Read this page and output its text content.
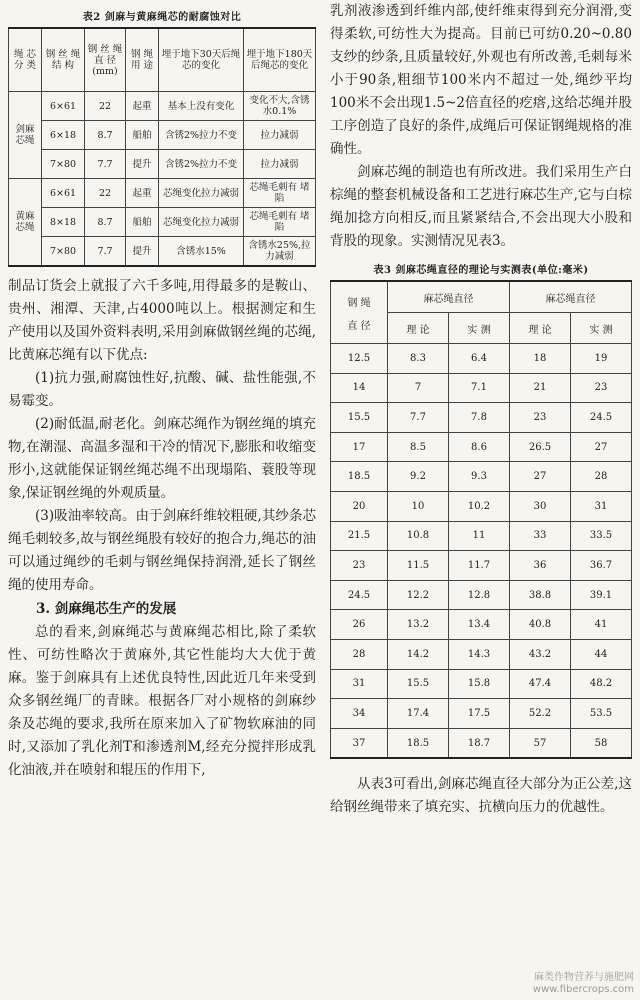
表2 剑麻与黄麻绳芯的耐腐蚀对比
绳 芯 分 类	钢 丝 绳 结 构	钢 丝 绳 直 径 (mm)	钢 绳 用 途	埋于地下30天后绳芯的变化	埋于地下180天后绳芯的变化
剑麻芯绳	6×61	22	起重	基本上没有变化	变化不大,含锈水0.1%
	6×18	8.7	船舶	含锈2%拉力不变	拉力减弱
	7×80	7.7	提升	含锈2%拉力不变	拉力减弱
黄麻芯绳	6×61	22	起重	芯绳变化拉力减弱	芯绳毛刺有 堵 陷
	8×18	8.7	船舶	芯绳变化拉力减弱	芯绳毛刺有 堵 陷
	7×80	7.7	提升	含锈水15%	含锈水25%,拉力减弱

制品订货会上就报了六千多吨,用得最多的是鞍山、贵州、湘潭、天津,占4000吨以上。根据测定和生产使用以及国外资料表明,采用剑麻做钢丝绳的芯绳,比黄麻芯绳有以下优点:

(1)抗力强,耐腐蚀性好,抗酸、碱、盐性能强,不易霉变。

(2)耐低温,耐老化。剑麻芯绳作为钢丝绳的填充物,在潮湿、高温多湿和干冷的情况下,膨胀和收缩变形小,这就能保证钢丝绳芯绳不出现塌陷、蓑股等现象,保证钢丝绳的外观质量。

(3)吸油率较高。由于剑麻纤维较粗硬,其纱条芯绳毛刺较多,故与钢丝绳股有较好的抱合力,绳芯的油可以通过绳纱的毛刺与钢丝绳保持润滑,延长了钢丝绳的使用寿命。

3. 剑麻绳芯生产的发展

总的看来,剑麻绳芯与黄麻绳芯相比,除了柔软性、可纺性略次于黄麻外,其它性能均大大优于黄麻。鉴于剑麻具有上述优良特性,因此近几年来受到众多钢丝绳厂的青睐。根据各厂对小规格的剑麻纱条及芯绳的要求,我所在原来加入了矿物软麻油的同时,又添加了乳化剂T和渗透剂M,经充分搅拌形成乳化油液,并在喷射和辊压的作用下,

乳剂液渗透到纤维内部,使纤维束得到充分润滑,变得柔软,可纺性大为提高。目前已可纺0.20~0.80支纱的纱条,且质量较好,外观也有所改善,毛刺每米小于90条,粗细节100米内不超过一处,绳纱平均100米不会出现1.5~2倍直径的疙瘩,这给芯绳并股工序创造了良好的条件,成绳后可保证钢绳规格的准确性。

剑麻芯绳的制造也有所改进。我们采用生产白棕绳的整套机械设备和工艺进行麻芯生产,它与白棕绳加捻方向相反,而且紧紧结合,不会出现大小股和背股的现象。实测情况见表3。

表3 剑麻芯绳直径的理论与实测表(单位:毫米)
钢 绳
直 径	麻芯绳直径		麻芯绳直径	
	理 论	实 测	理 论	实 测
12.5	8.3	6.4	18	19
14	7	7.1	21	23
15.5	7.7	7.8	23	24.5
17	8.5	8.6	26.5	27
18.5	9.2	9.3	27	28
20	10	10.2	30	31
21.5	10.8	11	33	33.5
23	11.5	11.7	36	36.7
24.5	12.2	12.8	38.8	39.1
26	13.2	13.4	40.8	41
28	14.2	14.3	43.2	44
31	15.5	15.8	47.4	48.2
34	17.4	17.5	52.2	53.5
37	18.5	18.7	57	58

从表3可看出,剑麻芯绳直径大部分为正公差,这给钢丝绳带来了填充实、抗横向压力的优越性。

麻类作物营养与施肥网
www.fibercrops.com
